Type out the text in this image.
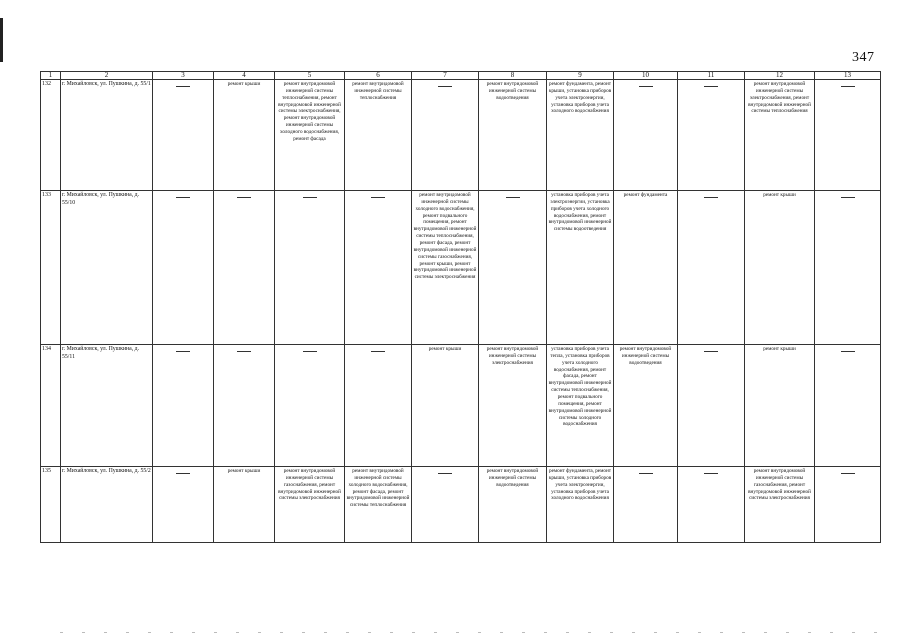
347
1	2	3	4	5	6	7	8	9	10	11	12	13
132	г. Михайловск, ул. Пушкина, д. 55/1		ремонт крыши	ремонт внутридомовой инженерной системы теплоснабжения, ремонт внутридомовой инженерной системы электроснабжения, ремонт внутридомовой инженерной системы холодного водоснабжения, ремонт фасада	ремонт внутридомовой инженерной системы теплоснабжения		ремонт внутридомовой инженерной системы водоотведения	ремонт фундамента, ремонт крыши, установка приборов учета электроэнергии, установка приборов учета холодного водоснабжения			ремонт внутридомовой инженерной системы электроснабжения, ремонт внутридомовой инженерной системы теплоснабжения	
133	г. Михайловск, ул. Пушкина, д. 55/10					ремонт внутридомовой инженерной системы холодного водоснабжения, ремонт подвального помещения, ремонт внутридомовой инженерной системы теплоснабжения, ремонт фасада, ремонт внутридомовой инженерной системы газоснабжения, ремонт крыши, ремонт внутридомовой инженерной системы электроснабжения		установка приборов учета электроэнергии, установка приборов учета холодного водоснабжения, ремонт внутридомовой инженерной системы водоотведения	ремонт фундамента		ремонт крыши	
134	г. Михайловск, ул. Пушкина, д. 55/11					ремонт крыши	ремонт внутридомовой инженерной системы электроснабжения	установка приборов учета тепла, установка приборов учета холодного водоснабжения, ремонт фасада, ремонт внутридомовой инженерной системы теплоснабжения, ремонт подвального помещения, ремонт внутридомовой инженерной системы холодного водоснабжения	ремонт внутридомовой инженерной системы водоотведения		ремонт крыши	
135	г. Михайловск, ул. Пушкина, д. 55/2		ремонт крыши	ремонт внутридомовой инженерной системы газоснабжения, ремонт внутридомовой инженерной системы электроснабжения	ремонт внутридомовой инженерной системы холодного водоснабжения, ремонт фасада, ремонт внутридомовой инженерной системы теплоснабжения		ремонт внутридомовой инженерной системы водоотведения	ремонт фундамента, ремонт крыши, установка приборов учета электроэнергии, установка приборов учета холодного водоснабжения			ремонт внутридомовой инженерной системы газоснабжения, ремонт внутридомовой инженерной системы электроснабжения	
